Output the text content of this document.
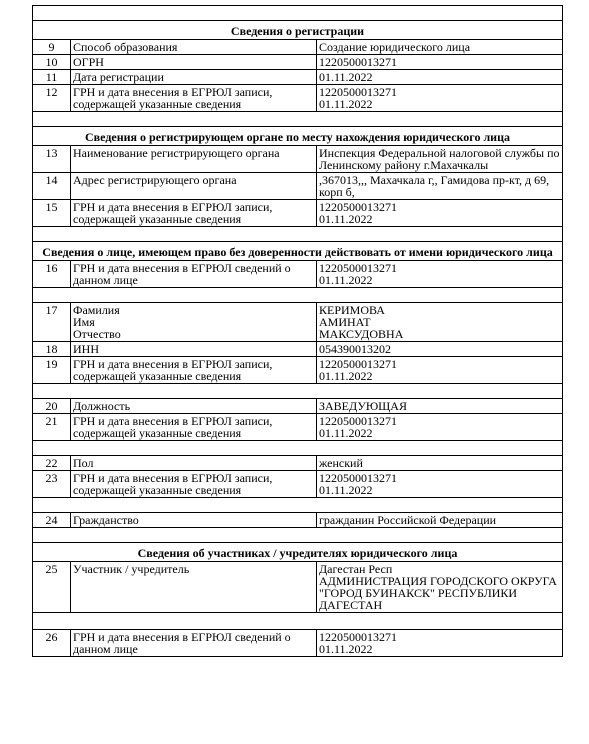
Сведения о регистрации		
9	Способ образования	Создание юридического лица
10	ОГРН	1220500013271
11	Дата регистрации	01.11.2022
12	ГРН и дата внесения в ЕГРЮЛ записи, содержащей указанные сведения	1220500013271
01.11.2022

Сведения о регистрирующем органе по месту нахождения юридического лица		
13	Наименование регистрирующего органа	Инспекция Федеральной налоговой службы по Ленинскому району г.Махачкалы
14	Адрес регистрирующего органа	,367013,,, Махачкала г,, Гамидова пр-кт, д 69, корп б,
15	ГРН и дата внесения в ЕГРЮЛ записи, содержащей указанные сведения	1220500013271
01.11.2022

Сведения о лице, имеющем право без доверенности действовать от имени юридического лица		
16	ГРН и дата внесения в ЕГРЮЛ сведений о данном лице	1220500013271
01.11.2022

17	Фамилия
Имя
Отчество	КЕРИМОВА
АМИНАТ
МАКСУДОВНА

18	ИНН	054390013202
19	ГРН и дата внесения в ЕГРЮЛ записи, содержащей указанные сведения	1220500013271
01.11.2022

20	Должность	ЗАВЕДУЮЩАЯ
21	ГРН и дата внесения в ЕГРЮЛ записи, содержащей указанные сведения	1220500013271
01.11.2022

22	Пол	женский
23	ГРН и дата внесения в ЕГРЮЛ записи, содержащей указанные сведения	1220500013271
01.11.2022

24	Гражданство	гражданин Российской Федерации

Сведения об участниках / учредителях юридического лица		
25	Участник / учредитель	Дагестан Респ
АДМИНИСТРАЦИЯ ГОРОДСКОГО ОКРУГА "ГОРОД БУИНАКСК" РЕСПУБЛИКИ ДАГЕСТАН

26	ГРН и дата внесения в ЕГРЮЛ сведений о данном лице	1220500013271
01.11.2022
